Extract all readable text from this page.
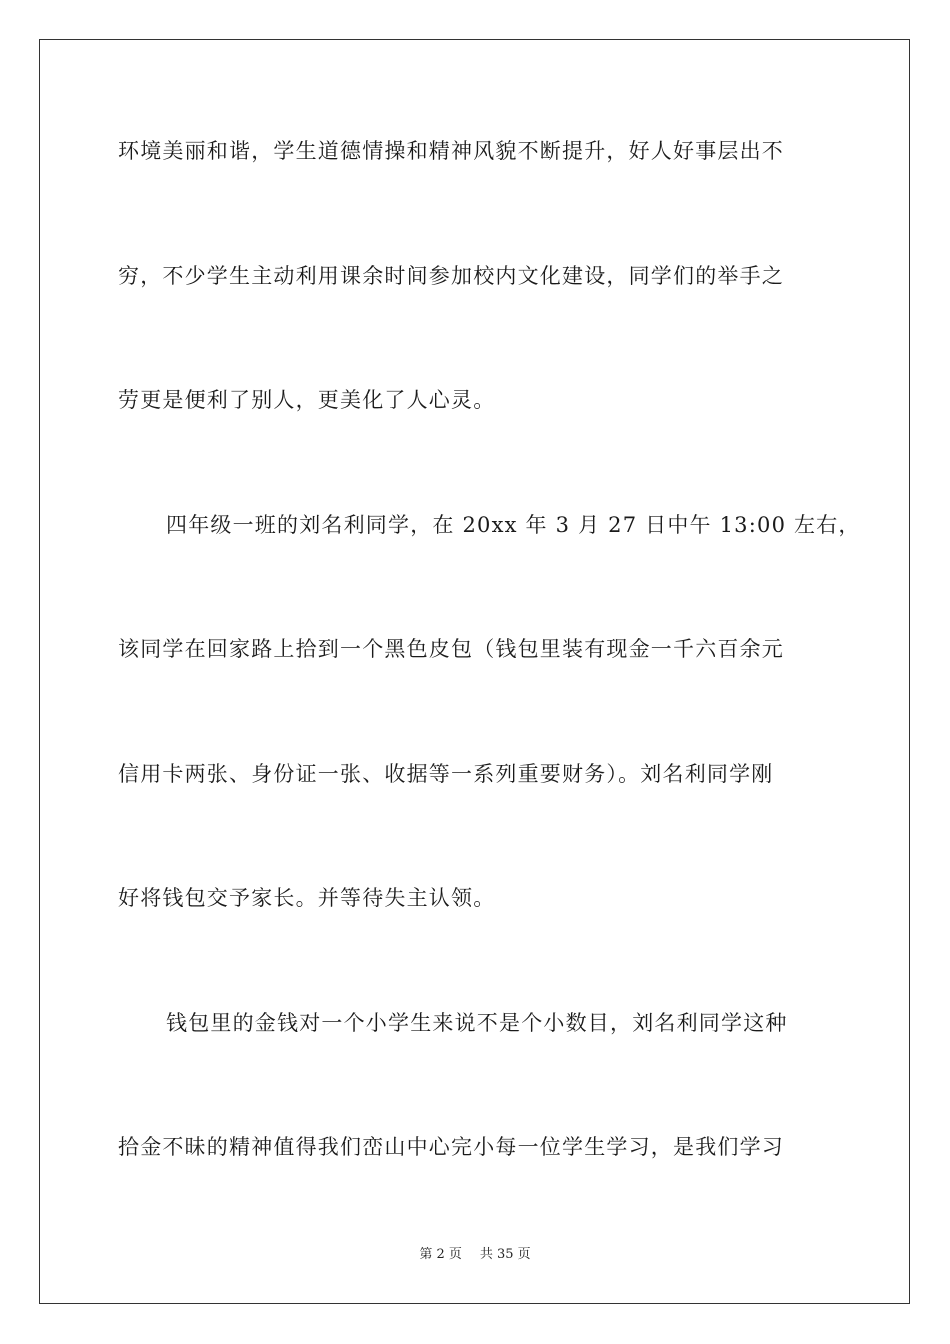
环境美丽和谐，学生道德情操和精神风貌不断提升，好人好事层出不
穷，不少学生主动利用课余时间参加校内文化建设，同学们的举手之
劳更是便利了别人，更美化了人心灵。
四年级一班的刘名利同学，在 20xx 年 3 月 27 日中午 13:00 左右，
该同学在回家路上拾到一个黑色皮包（钱包里装有现金一千六百余元
信用卡两张、身份证一张、收据等一系列重要财务）。刘名利同学刚
好将钱包交予家长。并等待失主认领。
钱包里的金钱对一个小学生来说不是个小数目，刘名利同学这种
拾金不昧的精神值得我们峦山中心完小每一位学生学习，是我们学习
第 2 页 共 35 页
